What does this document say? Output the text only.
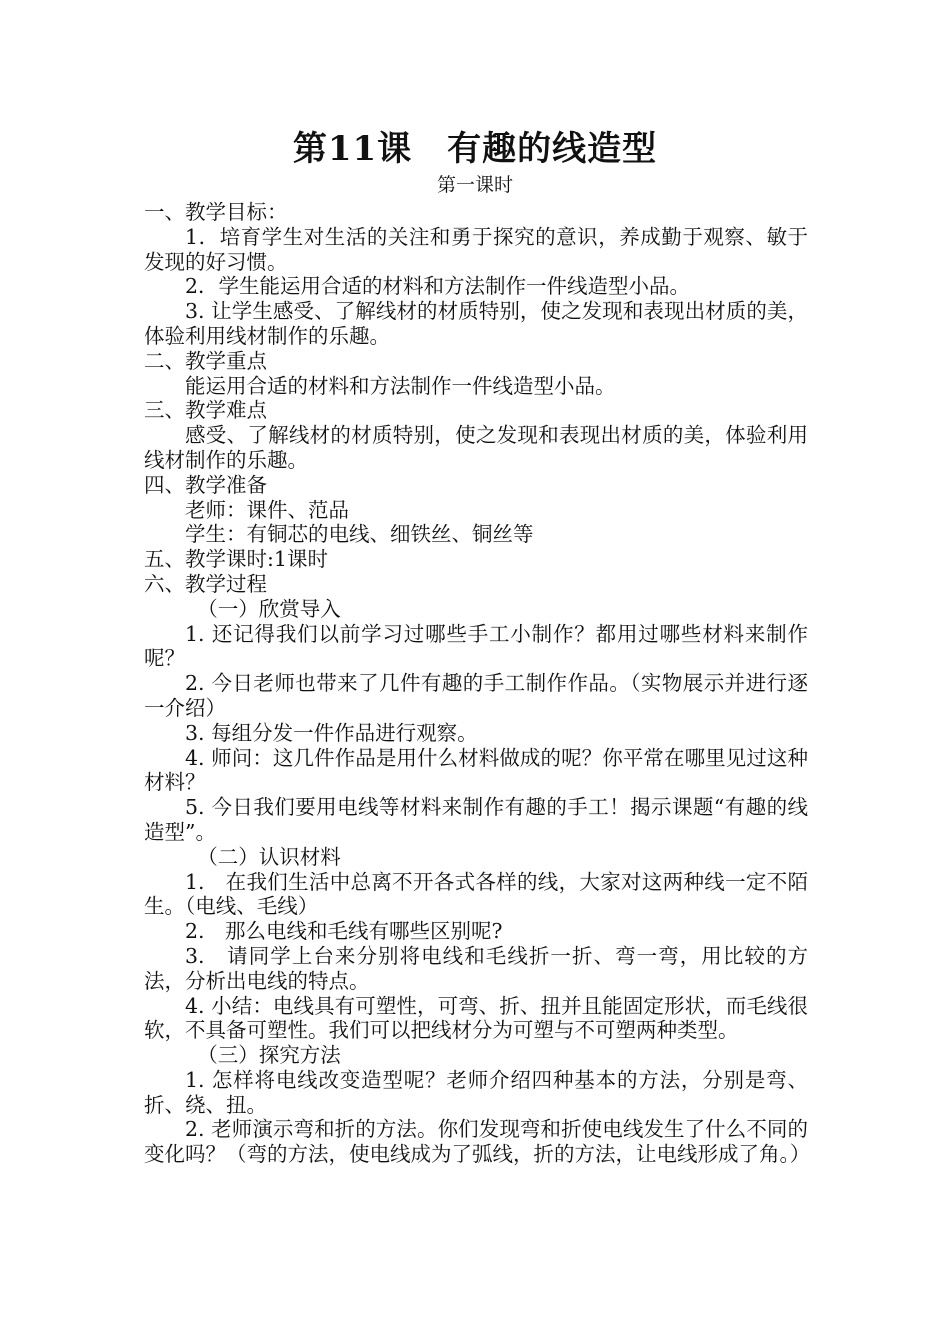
第11课　有趣的线造型
第一课时

一、教学目标：

1．培育学生对生活的关注和勇于探究的意识，养成勤于观察、敏于发现的好习惯。

2．学生能运用合适的材料和方法制作一件线造型小品。

3. 让学生感受、了解线材的材质特别，使之发现和表现出材质的美，体验利用线材制作的乐趣。

二、教学重点

能运用合适的材料和方法制作一件线造型小品。

三、教学难点

感受、了解线材的材质特别，使之发现和表现出材质的美，体验利用线材制作的乐趣。

四、教学准备

老师：课件、范品

学生：有铜芯的电线、细铁丝、铜丝等

五、教学课时:1课时

六、教学过程

（一）欣赏导入

1. 还记得我们以前学习过哪些手工小制作？都用过哪些材料来制作呢？

2. 今日老师也带来了几件有趣的手工制作作品。（实物展示并进行逐一介绍）

3. 每组分发一件作品进行观察。

4. 师问：这几件作品是用什么材料做成的呢？你平常在哪里见过这种材料？

5. 今日我们要用电线等材料来制作有趣的手工！揭示课题“有趣的线造型”。

（二）认识材料

1.　在我们生活中总离不开各式各样的线，大家对这两种线一定不陌生。（电线、毛线）

2.　那么电线和毛线有哪些区别呢?

3.　请同学上台来分别将电线和毛线折一折、弯一弯，用比较的方法，分析出电线的特点。

4. 小结：电线具有可塑性，可弯、折、扭并且能固定形状，而毛线很软，不具备可塑性。我们可以把线材分为可塑与不可塑两种类型。

（三）探究方法

1. 怎样将电线改变造型呢？老师介绍四种基本的方法，分别是弯、折、绕、扭。

2. 老师演示弯和折的方法。你们发现弯和折使电线发生了什么不同的变化吗？（弯的方法，使电线成为了弧线，折的方法，让电线形成了角。）
